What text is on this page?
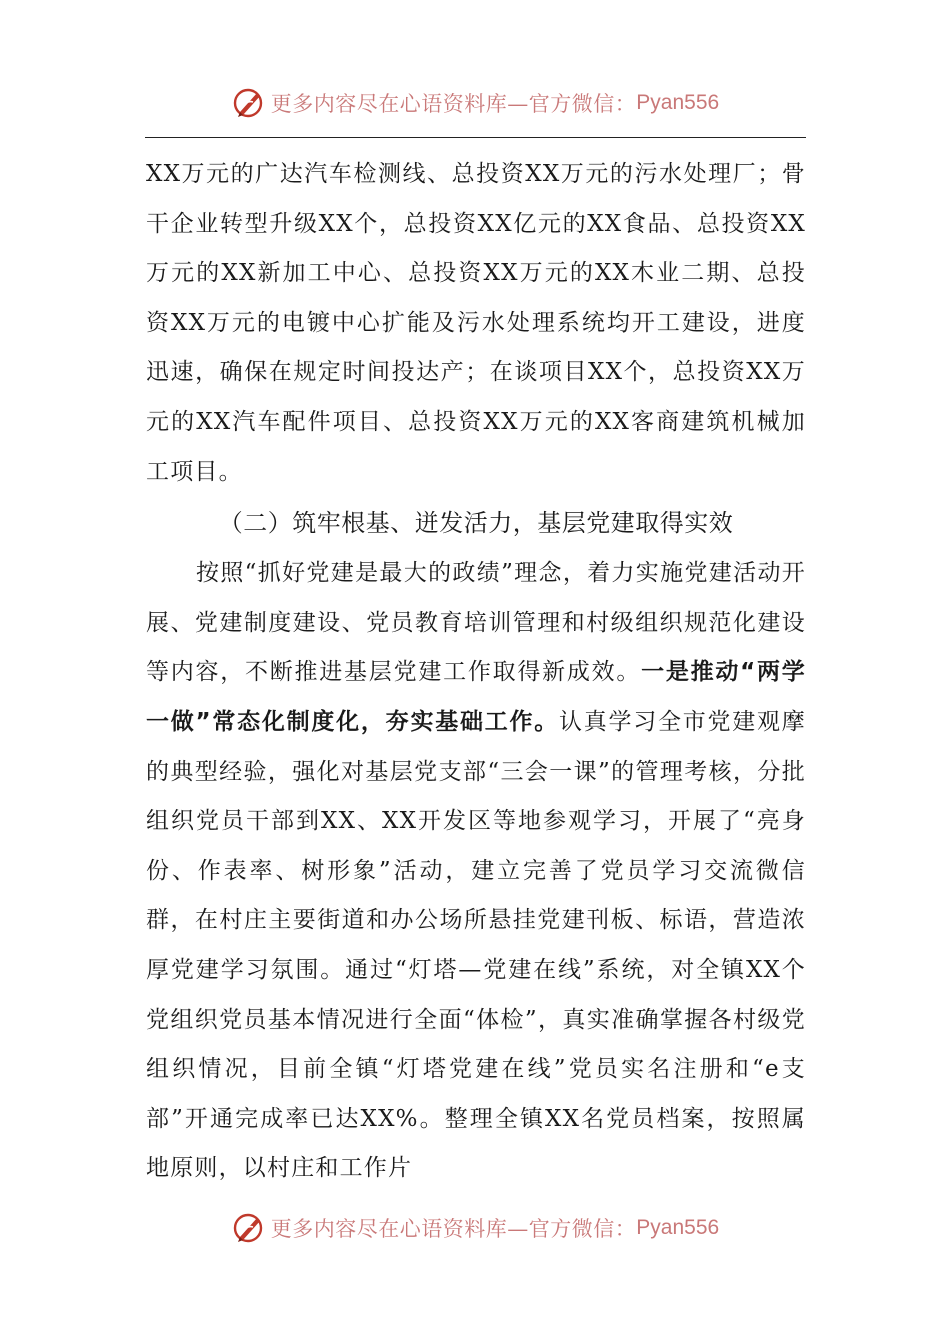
更多内容尽在心语资料库—官方微信： Pyan556

XX万元的广达汽车检测线、总投资XX万元的污水处理厂；骨干企业转型升级XX个，总投资XX亿元的XX食品、总投资XX万元的XX新加工中心、总投资XX万元的XX木业二期、总投资XX万元的电镀中心扩能及污水处理系统均开工建设，进度迅速，确保在规定时间投达产；在谈项目XX个，总投资XX万元的XX汽车配件项目、总投资XX万元的XX客商建筑机械加工项目。

（二）筑牢根基、迸发活力，基层党建取得实效

按照“抓好党建是最大的政绩”理念，着力实施党建活动开展、党建制度建设、党员教育培训管理和村级组织规范化建设等内容，不断推进基层党建工作取得新成效。一是推动“两学一做”常态化制度化，夯实基础工作。认真学习全市党建观摩的典型经验，强化对基层党支部“三会一课”的管理考核，分批组织党员干部到XX、XX开发区等地参观学习，开展了“亮身份、作表率、树形象”活动，建立完善了党员学习交流微信群，在村庄主要街道和办公场所悬挂党建刊板、标语，营造浓厚党建学习氛围。通过“灯塔—党建在线”系统，对全镇XX个党组织党员基本情况进行全面“体检”，真实准确掌握各村级党组织情况，目前全镇“灯塔党建在线”党员实名注册和“e支部”开通完成率已达XX%。整理全镇XX名党员档案，按照属地原则，以村庄和工作片

更多内容尽在心语资料库—官方微信： Pyan556
